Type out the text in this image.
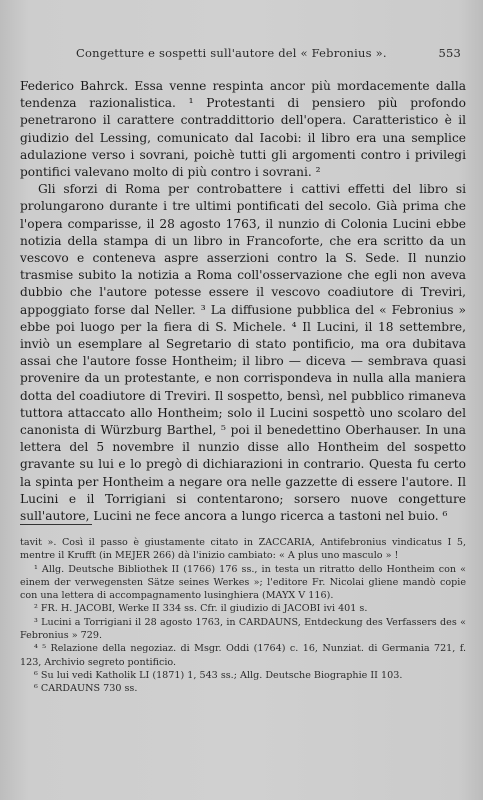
Congetture e sospetti sull'autore del « Febronius ».	553

Federico Bahrck. Essa venne respinta ancor più mordacemente dalla tendenza razionalistica. ¹ Protestanti di pensiero più profondo penetrarono il carattere contraddittorio dell'opera. Caratteristico è il giudizio del Lessing, comunicato dal Iacobi: il libro era una semplice adulazione verso i sovrani, poichè tutti gli argomenti contro i privilegi pontifici valevano molto di più contro i sovrani. ²

Gli sforzi di Roma per controbattere i cattivi effetti del libro si prolungarono durante i tre ultimi pontificati del secolo. Già prima che l'opera comparisse, il 28 agosto 1763, il nunzio di Colonia Lucini ebbe notizia della stampa di un libro in Francoforte, che era scritto da un vescovo e conteneva aspre asserzioni contro la S. Sede. Il nunzio trasmise subito la notizia a Roma coll'osservazione che egli non aveva dubbio che l'autore potesse essere il vescovo coadiutore di Treviri, appoggiato forse dal Neller. ³ La diffusione pubblica del « Febronius » ebbe poi luogo per la fiera di S. Michele. ⁴ Il Lucini, il 18 settembre, inviò un esemplare al Segretario di stato pontificio, ma ora dubitava assai che l'autore fosse Hontheim; il libro — diceva — sembrava quasi provenire da un protestante, e non corrispondeva in nulla alla maniera dotta del coadiutore di Treviri. Il sospetto, bensì, nel pubblico rimaneva tuttora attaccato allo Hontheim; solo il Lucini sospettò uno scolaro del canonista di Würzburg Barthel, ⁵ poi il benedettino Oberhauser. In una lettera del 5 novembre il nunzio disse allo Hontheim del sospetto gravante su lui e lo pregò di dichiarazioni in contrario. Questa fu certo la spinta per Hontheim a negare ora nelle gazzette di essere l'autore. Il Lucini e il Torrigiani si contentarono; sorsero nuove congetture sull'autore, Lucini ne fece ancora a lungo ricerca a tastoni nel buio. ⁶

tavit ». Così il passo è giustamente citato in ZACCARIA, Antifebronius vindicatus I 5, mentre il Krufft (in MEJER 266) dà l'inizio cambiato: « A plus uno masculo » !

¹ Allg. Deutsche Bibliothek II (1766) 176 ss., in testa un ritratto dello Hontheim con « einem der verwegensten Sätze seines Werkes »; l'editore Fr. Nicolai gliene mandò copie con una lettera di accompagnamento lusinghiera (MAYX V 116).

² FR. H. JACOBI, Werke II 334 ss. Cfr. il giudizio di JACOBI ivi 401 s.

³ Lucini a Torrigiani il 28 agosto 1763, in CARDAUNS, Entdeckung des Verfassers des « Febronius » 729.

⁴ ⁵ Relazione della negoziaz. di Msgr. Oddi (1764) c. 16, Nunziat. di Germania 721, f. 123, Archivio segreto pontificio.

⁶ Su lui vedi Katholik LI (1871) 1, 543 ss.; Allg. Deutsche Biographie II 103.

⁶ CARDAUNS 730 ss.
